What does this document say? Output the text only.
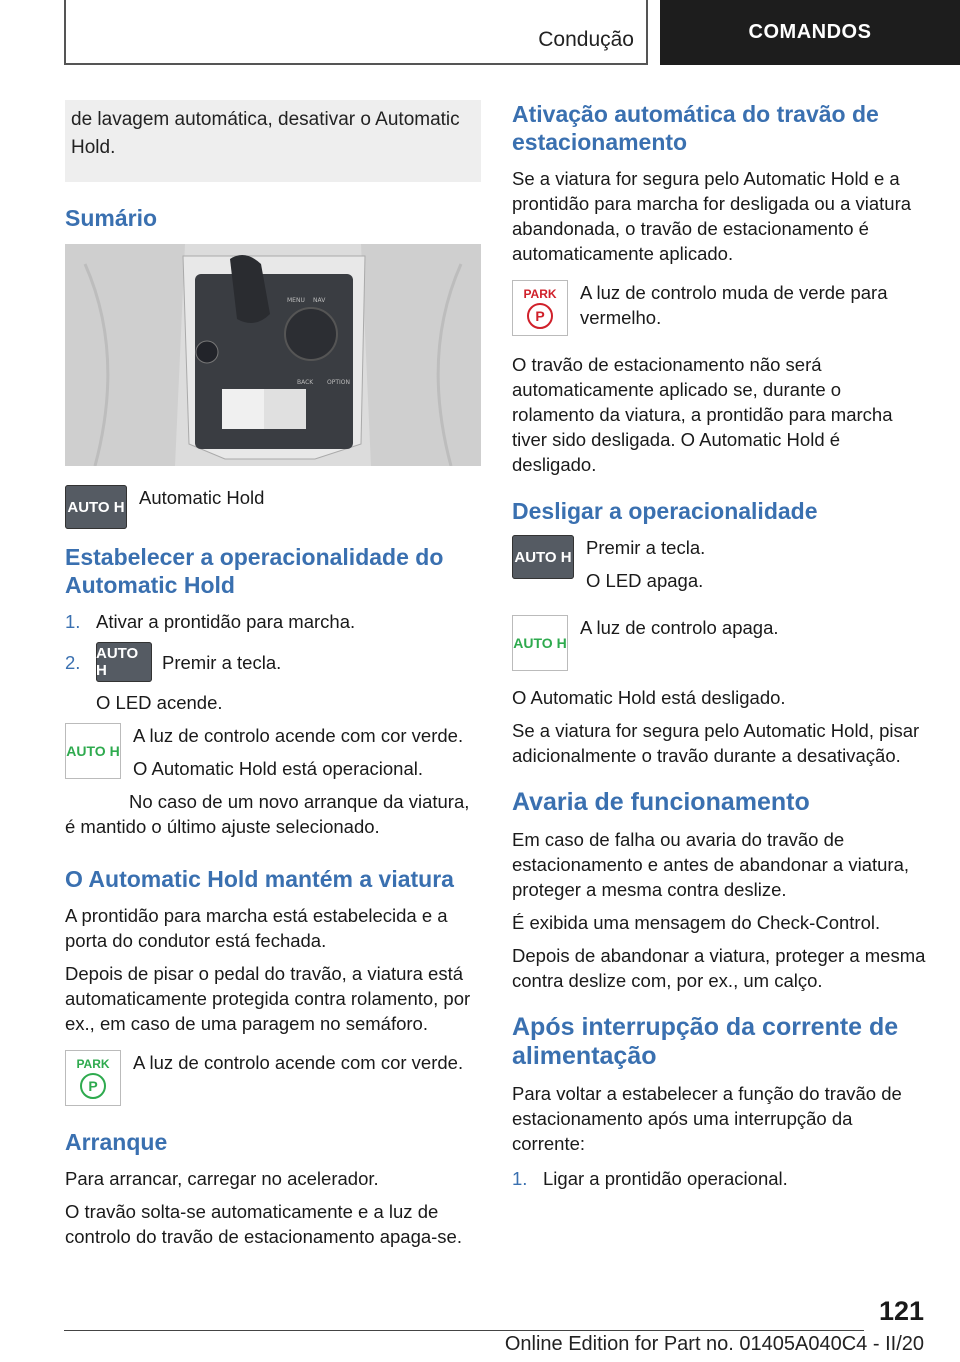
Condução	COMANDOS
de lavagem automática, desativar o Automatic Hold.
Sumário
BACK OPTION
MENU NAV
AUTO H Automatic Hold

Estabelecer a operacionalidade do Automatic Hold
1. Ativar a prontidão para marcha.
2.	AUTO H	Premir a tecla.

O LED acende.

AUTO H

A luz de controlo acende com cor verde.

O Automatic Hold está operacional.

No caso de um novo arranque da viatura, é mantido o último ajuste selecionado.

O Automatic Hold mantém a viatura

A prontidão para marcha está estabelecida e a porta do condutor está fechada.

Depois de pisar o pedal do travão, a viatura está automaticamente protegida contra rolamento, por ex., em caso de uma paragem no semáforo.

PARK
P

A luz de controlo acende com cor verde.

Arranque

Para arrancar, carregar no acelerador.

O travão solta-se automaticamente e a luz de controlo do travão de estacionamento apaga-se.

Ativação automática do travão de estacionamento

Se a viatura for segura pelo Automatic Hold e a prontidão para marcha for desligada ou a viatura abandonada, o travão de estacionamento é automaticamente aplicado.

PARK
P

A luz de controlo muda de verde para vermelho.

O travão de estacionamento não será automaticamente aplicado se, durante o rolamento da viatura, a prontidão para marcha tiver sido desligada. O Automatic Hold é desligado.

Desligar a operacionalidade
AUTO H Premir a tecla.

O LED apaga.

AUTO H

A luz de controlo apaga.

O Automatic Hold está desligado.

Se a viatura for segura pelo Automatic Hold, pisar adicionalmente o travão durante a desativação.

Avaria de funcionamento

Em caso de falha ou avaria do travão de estacionamento e antes de abandonar a viatura, proteger a mesma contra deslize.

É exibida uma mensagem do Check-Control.

Depois de abandonar a viatura, proteger a mesma contra deslize com, por ex., um calço.

Após interrupção da corrente de alimentação

Para voltar a estabelecer a função do travão de estacionamento após uma interrupção da corrente:

1. Ligar a prontidão operacional.
121
Online Edition for Part no. 01405A040C4 - II/20
